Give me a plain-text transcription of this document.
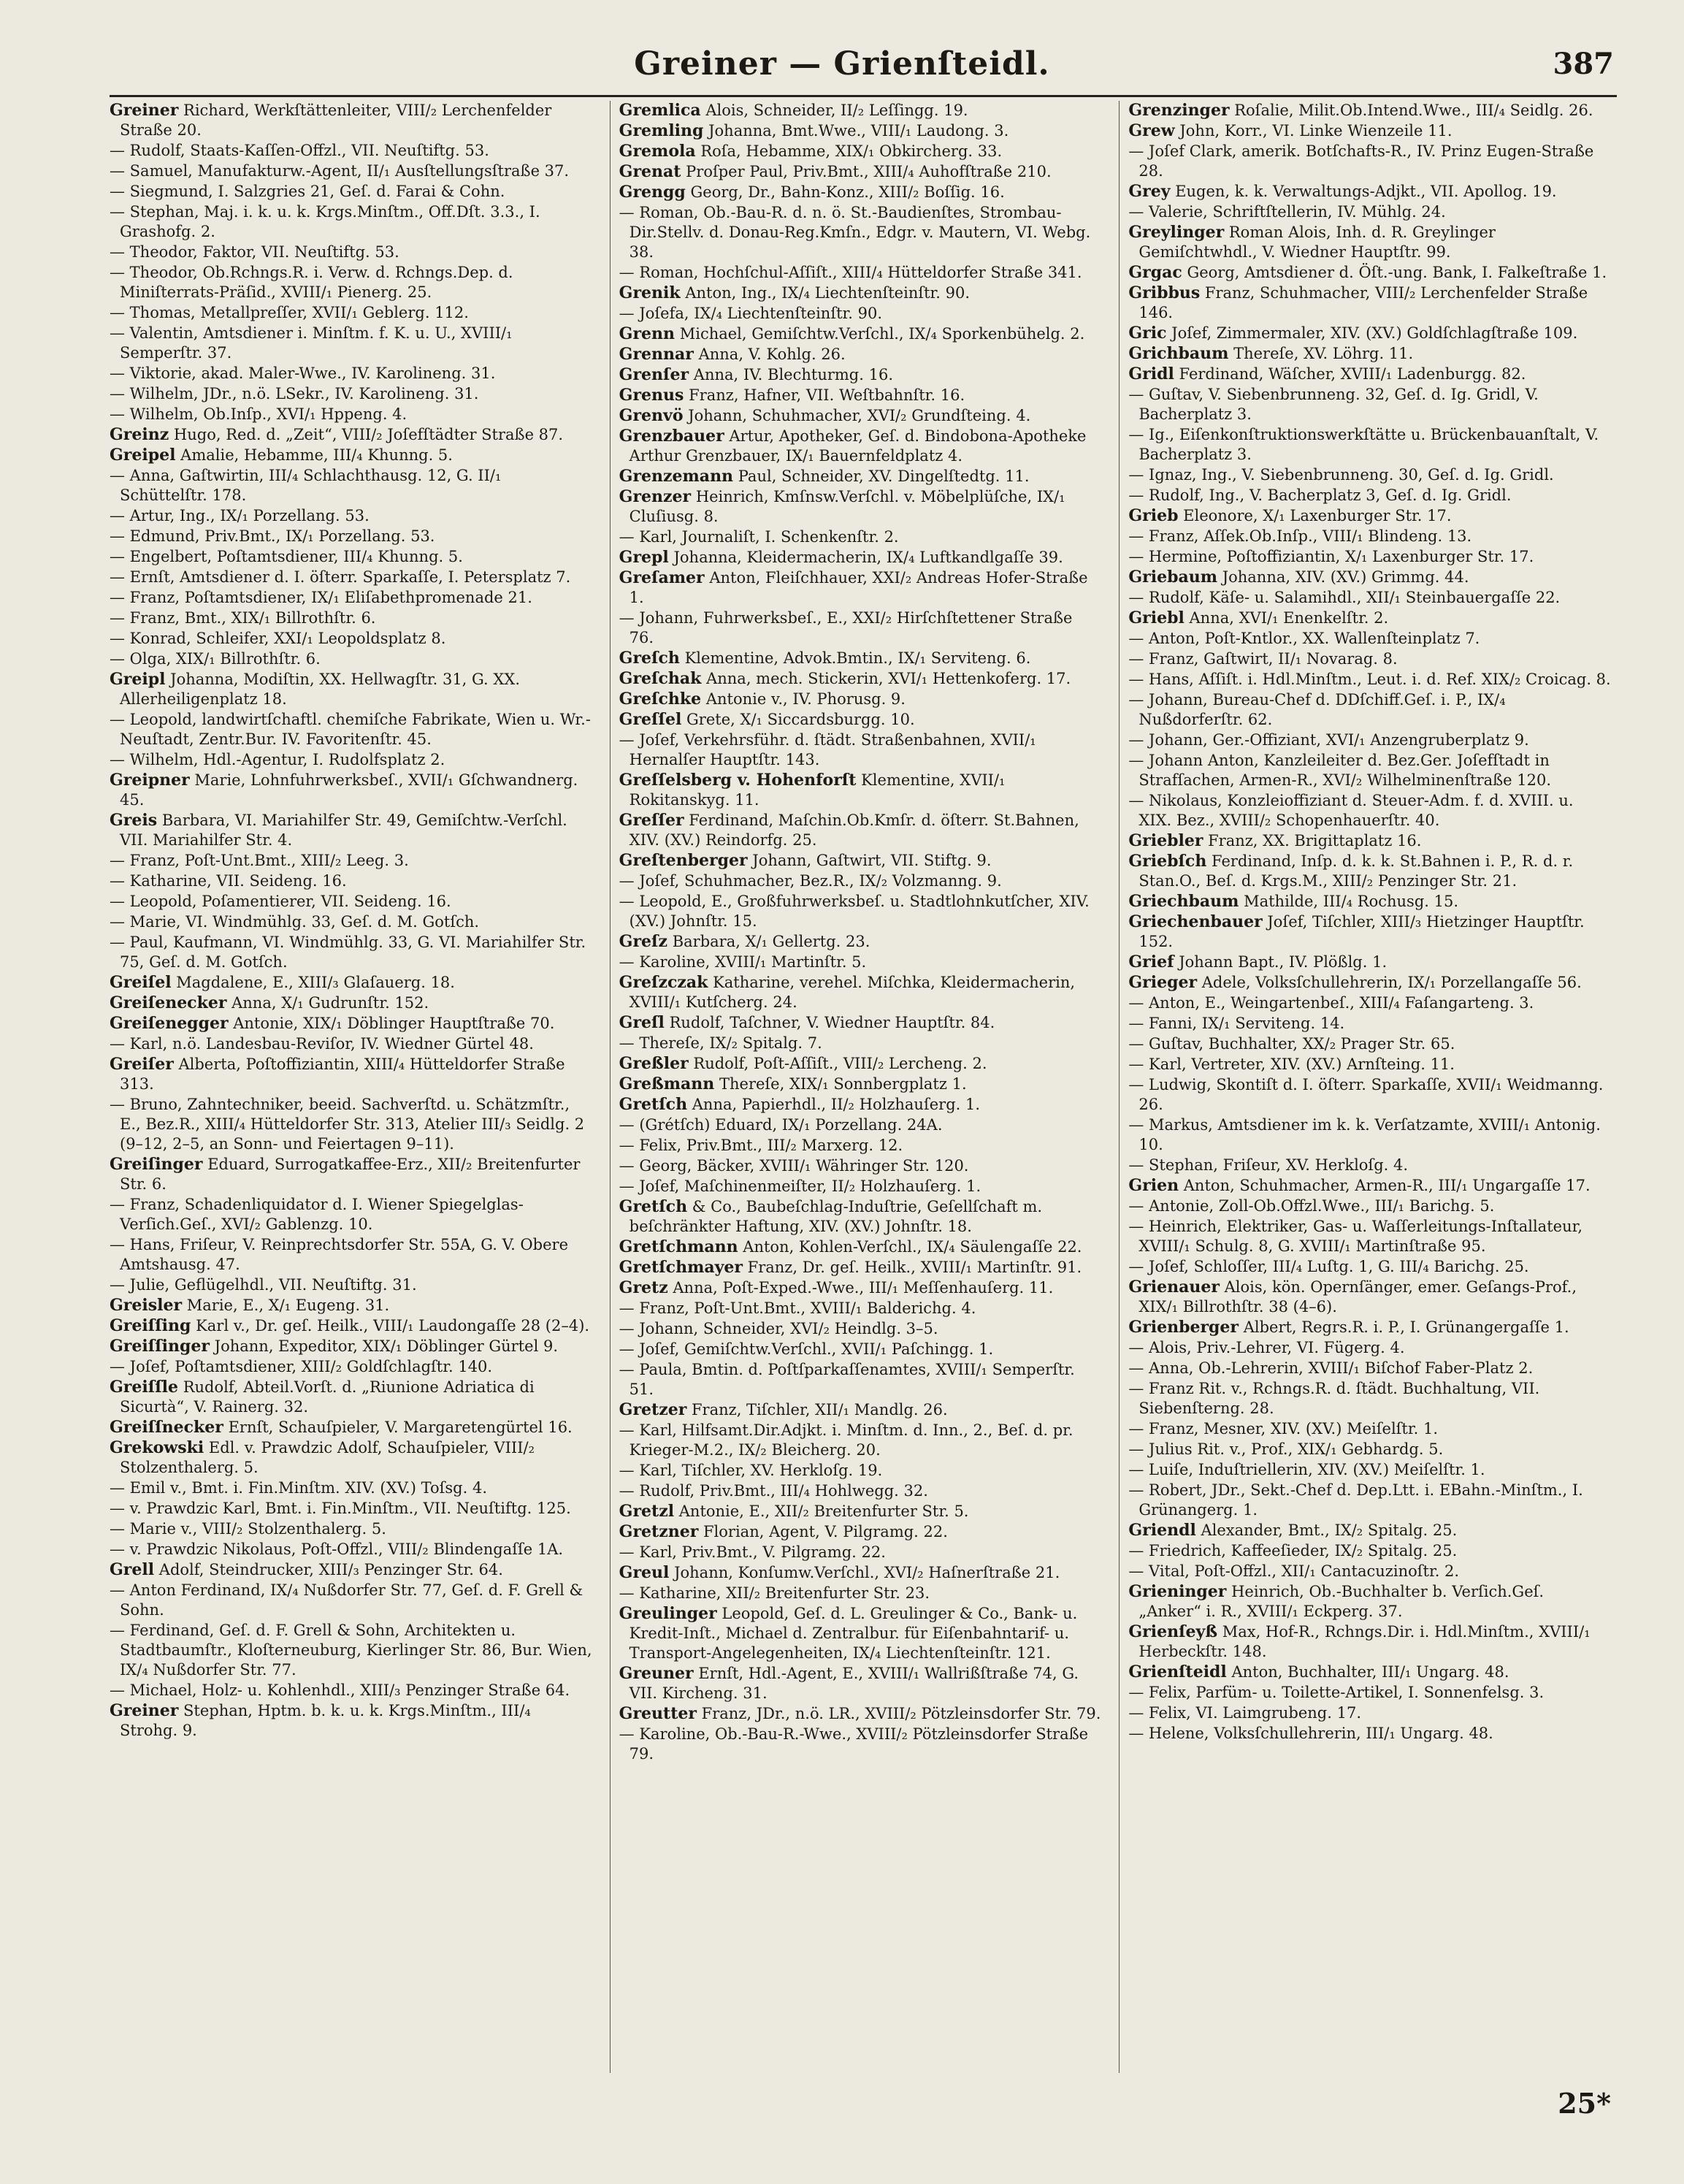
Greiner — Grienſteidl.	387
Greiner Richard, Werkſtättenleiter, VIII/₂ Lerchenfelder Straße 20.
— Rudolf, Staats-Kaſſen-Offzl., VII. Neuſtiftg. 53.
— Samuel, Manufakturw.-Agent, II/₁ Ausſtellungsſtraße 37.
— Siegmund, I. Salzgries 21, Geſ. d. Farai & Cohn.
— Stephan, Maj. i. k. u. k. Krgs.Minſtm., Off.Dſt. 3.3., I. Grashofg. 2.
— Theodor, Faktor, VII. Neuſtiftg. 53.
— Theodor, Ob.Rchngs.R. i. Verw. d. Rchngs.Dep. d. Miniſterrats-Präſid., XVIII/₁ Pienerg. 25.
— Thomas, Metallpreſſer, XVII/₁ Geblerg. 112.
— Valentin, Amtsdiener i. Minſtm. f. K. u. U., XVIII/₁ Semperſtr. 37.
— Viktorie, akad. Maler-Wwe., IV. Karolineng. 31.
— Wilhelm, JDr., n.ö. LSekr., IV. Karolineng. 31.
— Wilhelm, Ob.Inſp., XVI/₁ Hppeng. 4.
Greinz Hugo, Red. d. „Zeit“, VIII/₂ Joſefſtädter Straße 87.
Greipel Amalie, Hebamme, III/₄ Khunng. 5.
— Anna, Gaſtwirtin, III/₄ Schlachthausg. 12, G. II/₁ Schüttelſtr. 178.
— Artur, Ing., IX/₁ Porzellang. 53.
— Edmund, Priv.Bmt., IX/₁ Porzellang. 53.
— Engelbert, Poſtamtsdiener, III/₄ Khunng. 5.
— Ernſt, Amtsdiener d. I. öſterr. Sparkaſſe, I. Petersplatz 7.
— Franz, Poſtamtsdiener, IX/₁ Eliſabethpromenade 21.
— Franz, Bmt., XIX/₁ Billrothſtr. 6.
— Konrad, Schleifer, XXI/₁ Leopoldsplatz 8.
— Olga, XIX/₁ Billrothſtr. 6.
Greipl Johanna, Modiſtin, XX. Hellwagſtr. 31, G. XX. Allerheiligenplatz 18.
— Leopold, landwirtſchaftl. chemiſche Fabrikate, Wien u. Wr.-Neuſtadt, Zentr.Bur. IV. Favoritenſtr. 45.
— Wilhelm, Hdl.-Agentur, I. Rudolfsplatz 2.
Greipner Marie, Lohnfuhrwerksbeſ., XVII/₁ Gſchwandnerg. 45.
Greis Barbara, VI. Mariahilfer Str. 49, Gemiſchtw.-Verſchl. VII. Mariahilfer Str. 4.
— Franz, Poſt-Unt.Bmt., XIII/₂ Leeg. 3.
— Katharine, VII. Seideng. 16.
— Leopold, Poſamentierer, VII. Seideng. 16.
— Marie, VI. Windmühlg. 33, Geſ. d. M. Gotſch.
— Paul, Kaufmann, VI. Windmühlg. 33, G. VI. Mariahilfer Str. 75, Geſ. d. M. Gotſch.
Greiſel Magdalene, E., XIII/₃ Glaſauerg. 18.
Greiſenecker Anna, X/₁ Gudrunſtr. 152.
Greiſenegger Antonie, XIX/₁ Döblinger Hauptſtraße 70.
— Karl, n.ö. Landesbau-Reviſor, IV. Wiedner Gürtel 48.
Greiſer Alberta, Poſtoffiziantin, XIII/₄ Hütteldorfer Straße 313.
— Bruno, Zahntechniker, beeid. Sachverſtd. u. Schätzmſtr., E., Bez.R., XIII/₄ Hütteldorfer Str. 313, Atelier III/₃ Seidlg. 2 (9–12, 2–5, an Sonn- und Feiertagen 9–11).
Greiſinger Eduard, Surrogatkaffee-Erz., XII/₂ Breitenfurter Str. 6.
— Franz, Schadenliquidator d. I. Wiener Spiegelglas-Verſich.Geſ., XVI/₂ Gablenzg. 10.
— Hans, Friſeur, V. Reinprechtsdorfer Str. 55A, G. V. Obere Amtshausg. 47.
— Julie, Geflügelhdl., VII. Neuſtiftg. 31.
Greisler Marie, E., X/₁ Eugeng. 31.
Greiſſing Karl v., Dr. geſ. Heilk., VIII/₁ Laudongaſſe 28 (2–4).
Greiſſinger Johann, Expeditor, XIX/₁ Döblinger Gürtel 9.
— Joſef, Poſtamtsdiener, XIII/₂ Goldſchlagſtr. 140.
Greiſſle Rudolf, Abteil.Vorſt. d. „Riunione Adriatica di Sicurtà“, V. Rainerg. 32.
Greiſſnecker Ernſt, Schauſpieler, V. Margaretengürtel 16.
Grekowski Edl. v. Prawdzic Adolf, Schauſpieler, VIII/₂ Stolzenthalerg. 5.
— Emil v., Bmt. i. Fin.Minſtm. XIV. (XV.) Toſsg. 4.
— v. Prawdzic Karl, Bmt. i. Fin.Minſtm., VII. Neuſtiftg. 125.
— Marie v., VIII/₂ Stolzenthalerg. 5.
— v. Prawdzic Nikolaus, Poſt-Offzl., VIII/₂ Blindengaſſe 1A.
Grell Adolf, Steindrucker, XIII/₃ Penzinger Str. 64.
— Anton Ferdinand, IX/₄ Nußdorfer Str. 77, Geſ. d. F. Grell & Sohn.
— Ferdinand, Geſ. d. F. Grell & Sohn, Architekten u. Stadtbaumſtr., Kloſterneuburg, Kierlinger Str. 86, Bur. Wien, IX/₄ Nußdorfer Str. 77.
— Michael, Holz- u. Kohlenhdl., XIII/₃ Penzinger Straße 64.
Greiner Stephan, Hptm. b. k. u. k. Krgs.Minſtm., III/₄ Strohg. 9.
Gremlica Alois, Schneider, II/₂ Leſſingg. 19.
Gremling Johanna, Bmt.Wwe., VIII/₁ Laudong. 3.
Gremola Roſa, Hebamme, XIX/₁ Obkircherg. 33.
Grenat Proſper Paul, Priv.Bmt., XIII/₄ Auhofſtraße 210.
Grengg Georg, Dr., Bahn-Konz., XIII/₂ Boſſig. 16.
— Roman, Ob.-Bau-R. d. n. ö. St.-Baudienſtes, Strombau-Dir.Stellv. d. Donau-Reg.Kmſn., Edgr. v. Mautern, VI. Webg. 38.
— Roman, Hochſchul-Aſſiſt., XIII/₄ Hütteldorfer Straße 341.
Grenik Anton, Ing., IX/₄ Liechtenſteinſtr. 90.
— Joſefa, IX/₄ Liechtenſteinſtr. 90.
Grenn Michael, Gemiſchtw.Verſchl., IX/₄ Sporkenbühelg. 2.
Grennar Anna, V. Kohlg. 26.
Grenſer Anna, IV. Blechturmg. 16.
Grenus Franz, Hafner, VII. Weſtbahnſtr. 16.
Grenvö Johann, Schuhmacher, XVI/₂ Grundſteing. 4.
Grenzbauer Artur, Apotheker, Geſ. d. Bindobona-Apotheke Arthur Grenzbauer, IX/₁ Bauernfeldplatz 4.
Grenzemann Paul, Schneider, XV. Dingelſtedtg. 11.
Grenzer Heinrich, Kmſnsw.Verſchl. v. Möbelplüſche, IX/₁ Cluſiusg. 8.
— Karl, Journaliſt, I. Schenkenſtr. 2.
Grepl Johanna, Kleidermacherin, IX/₄ Luftkandlgaſſe 39.
Greſamer Anton, Fleiſchhauer, XXI/₂ Andreas Hofer-Straße 1.
— Johann, Fuhrwerksbeſ., E., XXI/₂ Hirſchſtettener Straße 76.
Greſch Klementine, Advok.Bmtin., IX/₁ Serviteng. 6.
Greſchak Anna, mech. Stickerin, XVI/₁ Hettenkoferg. 17.
Greſchke Antonie v., IV. Phorusg. 9.
Greſſel Grete, X/₁ Siccardsburgg. 10.
— Joſef, Verkehrsführ. d. ſtädt. Straßenbahnen, XVII/₁ Hernalſer Hauptſtr. 143.
Greſſelsberg v. Hohenforſt Klementine, XVII/₁ Rokitanskyg. 11.
Greſſer Ferdinand, Maſchin.Ob.Kmſr. d. öſterr. St.Bahnen, XIV. (XV.) Reindorfg. 25.
Greſtenberger Johann, Gaſtwirt, VII. Stiftg. 9.
— Joſef, Schuhmacher, Bez.R., IX/₂ Volzmanng. 9.
— Leopold, E., Großfuhrwerksbeſ. u. Stadtlohnkutſcher, XIV. (XV.) Johnſtr. 15.
Greſz Barbara, X/₁ Gellertg. 23.
— Karoline, XVIII/₁ Martinſtr. 5.
Greſzczak Katharine, verehel. Miſchka, Kleidermacherin, XVIII/₁ Kutſcherg. 24.
Greſl Rudolf, Taſchner, V. Wiedner Hauptſtr. 84.
— Thereſe, IX/₂ Spitalg. 7.
Greßler Rudolf, Poſt-Aſſiſt., VIII/₂ Lercheng. 2.
Greßmann Thereſe, XIX/₁ Sonnbergplatz 1.
Gretſch Anna, Papierhdl., II/₂ Holzhauſerg. 1.
— (Grétſch) Eduard, IX/₁ Porzellang. 24A.
— Felix, Priv.Bmt., III/₂ Marxerg. 12.
— Georg, Bäcker, XVIII/₁ Währinger Str. 120.
— Joſef, Maſchinenmeiſter, II/₂ Holzhauſerg. 1.
Gretſch & Co., Baubeſchlag-Induſtrie, Geſellſchaft m. beſchränkter Haftung, XIV. (XV.) Johnſtr. 18.
Gretſchmann Anton, Kohlen-Verſchl., IX/₄ Säulengaſſe 22.
Gretſchmayer Franz, Dr. geſ. Heilk., XVIII/₁ Martinſtr. 91.
Gretz Anna, Poſt-Exped.-Wwe., III/₁ Meſſenhauſerg. 11.
— Franz, Poſt-Unt.Bmt., XVIII/₁ Balderichg. 4.
— Johann, Schneider, XVI/₂ Heindlg. 3–5.
— Joſef, Gemiſchtw.Verſchl., XVII/₁ Paſchingg. 1.
— Paula, Bmtin. d. Poſtſparkaſſenamtes, XVIII/₁ Semperſtr. 51.
Gretzer Franz, Tiſchler, XII/₁ Mandlg. 26.
— Karl, Hilfsamt.Dir.Adjkt. i. Minſtm. d. Inn., 2., Beſ. d. pr. Krieger-M.2., IX/₂ Bleicherg. 20.
— Karl, Tiſchler, XV. Herkloſg. 19.
— Rudolf, Priv.Bmt., III/₄ Hohlwegg. 32.
Gretzl Antonie, E., XII/₂ Breitenfurter Str. 5.
Gretzner Florian, Agent, V. Pilgramg. 22.
— Karl, Priv.Bmt., V. Pilgramg. 22.
Greul Johann, Konſumw.Verſchl., XVI/₂ Haſnerſtraße 21.
— Katharine, XII/₂ Breitenfurter Str. 23.
Greulinger Leopold, Geſ. d. L. Greulinger & Co., Bank- u. Kredit-Inſt., Michael d. Zentralbur. für Eiſenbahntarif- u. Transport-Angelegenheiten, IX/₄ Liechtenſteinſtr. 121.
Greuner Ernſt, Hdl.-Agent, E., XVIII/₁ Wallrißſtraße 74, G. VII. Kircheng. 31.
Greutter Franz, JDr., n.ö. LR., XVIII/₂ Pötzleinsdorfer Str. 79.
— Karoline, Ob.-Bau-R.-Wwe., XVIII/₂ Pötzleinsdorfer Straße 79.
Grenzinger Roſalie, Milit.Ob.Intend.Wwe., III/₄ Seidlg. 26.
Grew John, Korr., VI. Linke Wienzeile 11.
— Joſef Clark, amerik. Botſchafts-R., IV. Prinz Eugen-Straße 28.
Grey Eugen, k. k. Verwaltungs-Adjkt., VII. Apollog. 19.
— Valerie, Schriftſtellerin, IV. Mühlg. 24.
Greylinger Roman Alois, Inh. d. R. Greylinger Gemiſchtwhdl., V. Wiedner Hauptſtr. 99.
Grgac Georg, Amtsdiener d. Öſt.-ung. Bank, I. Falkeſtraße 1.
Gribbus Franz, Schuhmacher, VIII/₂ Lerchenfelder Straße 146.
Gric Joſef, Zimmermaler, XIV. (XV.) Goldſchlagſtraße 109.
Grichbaum Thereſe, XV. Löhrg. 11.
Gridl Ferdinand, Wäſcher, XVIII/₁ Ladenburgg. 82.
— Guſtav, V. Siebenbrunneng. 32, Geſ. d. Ig. Gridl, V. Bacherplatz 3.
— Ig., Eiſenkonſtruktionswerkſtätte u. Brückenbauanſtalt, V. Bacherplatz 3.
— Ignaz, Ing., V. Siebenbrunneng. 30, Geſ. d. Ig. Gridl.
— Rudolf, Ing., V. Bacherplatz 3, Geſ. d. Ig. Gridl.
Grieb Eleonore, X/₁ Laxenburger Str. 17.
— Franz, Aſſek.Ob.Inſp., VIII/₁ Blindeng. 13.
— Hermine, Poſtoffiziantin, X/₁ Laxenburger Str. 17.
Griebaum Johanna, XIV. (XV.) Grimmg. 44.
— Rudolf, Käſe- u. Salamihdl., XII/₁ Steinbauergaſſe 22.
Griebl Anna, XVI/₁ Enenkelſtr. 2.
— Anton, Poſt-Kntlor., XX. Wallenſteinplatz 7.
— Franz, Gaſtwirt, II/₁ Novarag. 8.
— Hans, Aſſiſt. i. Hdl.Minſtm., Leut. i. d. Ref. XIX/₂ Croicag. 8.
— Johann, Bureau-Chef d. DDſchiff.Geſ. i. P., IX/₄ Nußdorferſtr. 62.
— Johann, Ger.-Offiziant, XVI/₁ Anzengruberplatz 9.
— Johann Anton, Kanzleileiter d. Bez.Ger. Joſefſtadt in Strafſachen, Armen-R., XVI/₂ Wilhelminenſtraße 120.
— Nikolaus, Konzleioffiziant d. Steuer-Adm. f. d. XVIII. u. XIX. Bez., XVIII/₂ Schopenhauerſtr. 40.
Griebler Franz, XX. Brigittaplatz 16.
Griebſch Ferdinand, Inſp. d. k. k. St.Bahnen i. P., R. d. r. Stan.O., Beſ. d. Krgs.M., XIII/₂ Penzinger Str. 21.
Griechbaum Mathilde, III/₄ Rochusg. 15.
Griechenbauer Joſef, Tiſchler, XIII/₃ Hietzinger Hauptſtr. 152.
Grief Johann Bapt., IV. Plößlg. 1.
Grieger Adele, Volksſchullehrerin, IX/₁ Porzellangaſſe 56.
— Anton, E., Weingartenbeſ., XIII/₄ Faſangarteng. 3.
— Fanni, IX/₁ Serviteng. 14.
— Guſtav, Buchhalter, XX/₂ Prager Str. 65.
— Karl, Vertreter, XIV. (XV.) Arnſteing. 11.
— Ludwig, Skontiſt d. I. öſterr. Sparkaſſe, XVII/₁ Weidmanng. 26.
— Markus, Amtsdiener im k. k. Verſatzamte, XVIII/₁ Antonig. 10.
— Stephan, Friſeur, XV. Herkloſg. 4.
Grien Anton, Schuhmacher, Armen-R., III/₁ Ungargaſſe 17.
— Antonie, Zoll-Ob.Offzl.Wwe., III/₁ Barichg. 5.
— Heinrich, Elektriker, Gas- u. Waſſerleitungs-Inſtallateur, XVIII/₁ Schulg. 8, G. XVIII/₁ Martinſtraße 95.
— Joſef, Schloſſer, III/₄ Luſtg. 1, G. III/₄ Barichg. 25.
Grienauer Alois, kön. Opernſänger, emer. Geſangs-Prof., XIX/₁ Billrothſtr. 38 (4–6).
Grienberger Albert, Regrs.R. i. P., I. Grünangergaſſe 1.
— Alois, Priv.-Lehrer, VI. Fügerg. 4.
— Anna, Ob.-Lehrerin, XVIII/₁ Biſchof Faber-Platz 2.
— Franz Rit. v., Rchngs.R. d. ſtädt. Buchhaltung, VII. Siebenſterng. 28.
— Franz, Mesner, XIV. (XV.) Meiſelſtr. 1.
— Julius Rit. v., Prof., XIX/₁ Gebhardg. 5.
— Luiſe, Induſtriellerin, XIV. (XV.) Meiſelſtr. 1.
— Robert, JDr., Sekt.-Chef d. Dep.Ltt. i. EBahn.-Minſtm., I. Grünangerg. 1.
Griendl Alexander, Bmt., IX/₂ Spitalg. 25.
— Friedrich, Kaffeeſieder, IX/₂ Spitalg. 25.
— Vital, Poſt-Offzl., XII/₁ Cantacuzinoſtr. 2.
Grieninger Heinrich, Ob.-Buchhalter b. Verſich.Geſ. „Anker“ i. R., XVIII/₁ Eckperg. 37.
Grienſeyß Max, Hof-R., Rchngs.Dir. i. Hdl.Minſtm., XVIII/₁ Herbeckſtr. 148.
Grienſteidl Anton, Buchhalter, III/₁ Ungarg. 48.
— Felix, Parfüm- u. Toilette-Artikel, I. Sonnenfelsg. 3.
— Felix, VI. Laimgrubeng. 17.
— Helene, Volksſchullehrerin, III/₁ Ungarg. 48.
25*
